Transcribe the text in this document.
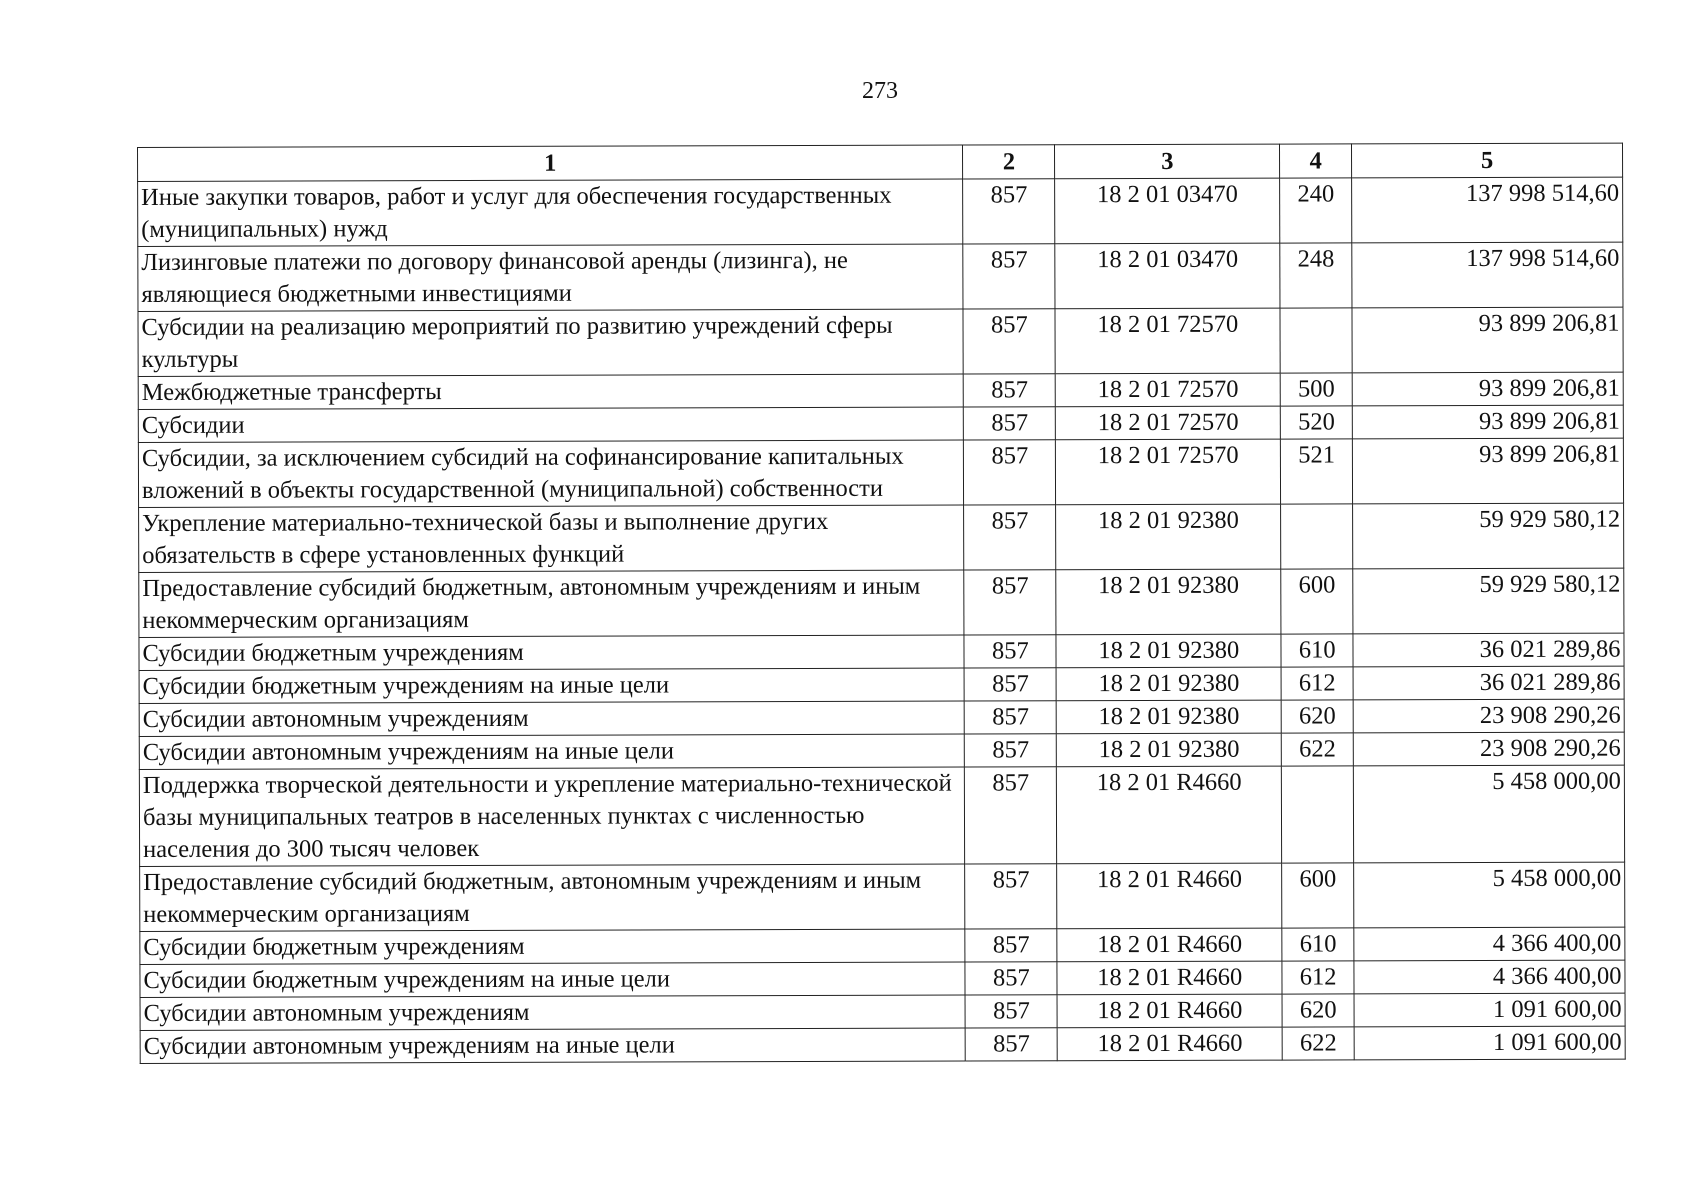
273
1	2	3	4	5
Иные закупки товаров, работ и услуг для обеспечения государственных (муниципальных) нужд	857	18 2 01 03470	240	137 998 514,60
Лизинговые платежи по договору финансовой аренды (лизинга), не являющиеся бюджетными инвестициями	857	18 2 01 03470	248	137 998 514,60
Субсидии на реализацию мероприятий по развитию учреждений сферы культуры	857	18 2 01 72570		93 899 206,81
Межбюджетные трансферты	857	18 2 01 72570	500	93 899 206,81
Субсидии	857	18 2 01 72570	520	93 899 206,81
Субсидии, за исключением субсидий на софинансирование капитальных вложений в объекты государственной (муниципальной) собственности	857	18 2 01 72570	521	93 899 206,81
Укрепление материально-технической базы и выполнение других обязательств в сфере установленных функций	857	18 2 01 92380		59 929 580,12
Предоставление субсидий бюджетным, автономным учреждениям и иным некоммерческим организациям	857	18 2 01 92380	600	59 929 580,12
Субсидии бюджетным учреждениям	857	18 2 01 92380	610	36 021 289,86
Субсидии бюджетным учреждениям на иные цели	857	18 2 01 92380	612	36 021 289,86
Субсидии автономным учреждениям	857	18 2 01 92380	620	23 908 290,26
Субсидии автономным учреждениям на иные цели	857	18 2 01 92380	622	23 908 290,26
Поддержка творческой деятельности и укрепление материально-технической базы муниципальных театров в населенных пунктах с численностью населения до 300 тысяч человек	857	18 2 01 R4660		5 458 000,00
Предоставление субсидий бюджетным, автономным учреждениям и иным некоммерческим организациям	857	18 2 01 R4660	600	5 458 000,00
Субсидии бюджетным учреждениям	857	18 2 01 R4660	610	4 366 400,00
Субсидии бюджетным учреждениям на иные цели	857	18 2 01 R4660	612	4 366 400,00
Субсидии автономным учреждениям	857	18 2 01 R4660	620	1 091 600,00
Субсидии автономным учреждениям на иные цели	857	18 2 01 R4660	622	1 091 600,00
